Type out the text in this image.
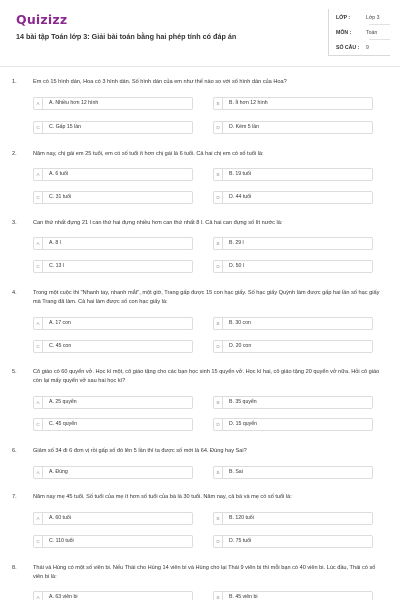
Quizizz
14 bài tập Toán lớp 3: Giải bài toán bằng hai phép tính có đáp án
LỚP :	Lớp 3
MÔN :	Toán
SỐ CÂU : 9
1.	Em có 15 hình dán, Hoa có 3 hình dán. Số hình dán của em như thế nào so với số hình dán của Hoa?
A	A. Nhiều hơn 12 hình	B	B. Ít hơn 12 hình
C	C. Gấp 15 lần	D	D. Kém 5 lần
2.	Năm nay, chị gái em 25 tuổi, em có số tuổi ít hơn chị gái là 6 tuổi. Cả hai chị em có số tuổi là:
A	A. 6 tuổi	B	B. 19 tuổi
C	C. 31 tuổi	D	D. 44 tuổi
3.	Can thứ nhất đựng 21 l can thứ hai đựng nhiều hơn can thứ nhất 8 l. Cả hai can đựng số lít nước là:
A	A. 8 l	B	B. 29 l
C	C. 13 l	D	D. 50 l
4.	Trong một cuộc thi "Nhanh tay, nhanh mắt", một giờ, Trang gấp được 15 con hạc giấy. Số hạc giấy Quỳnh làm được gấp hai lần số hạc giấy mà Trang đã làm. Cả hai làm được số con hạc giấy là:
A	A. 17 con	B	B. 30 con
C	C. 45 con	D	D. 20 con
5.	Cô giáo có 60 quyển vở. Học kì một, cô giáo tặng cho các bạn học sinh 15 quyển vở. Học kì hai, cô giáo tặng 20 quyển vở nữa. Hỏi cô giáo còn lại mấy quyển vở sau hai học kì?
A	A. 25 quyển	B	B. 35 quyển
C	C. 45 quyển	D	D. 15 quyển
6.	Giảm số 34 đi 6 đơn vị rồi gấp số đó lên 5 lần thì ta được số mới là 64. Đúng hay Sai?
A	A. Đúng	B	B. Sai
7.	Năm nay mẹ 45 tuổi. Số tuổi của mẹ ít hơn số tuổi của bà là 30 tuổi. Năm nay, cả bà và mẹ có số tuổi là:
A	A. 60 tuổi	B	B. 120 tuổi
C	C. 110 tuổi	D	D. 75 tuổi
8.	Thái và Hùng có một số viên bi. Nếu Thái cho Hùng 14 viên bi và Hùng cho lại Thái 9 viên bi thì mỗi bạn có 40 viên bi. Lúc đầu, Thái có số viên bi là:
A	A. 63 viên bi	B	B. 45 viên bi
